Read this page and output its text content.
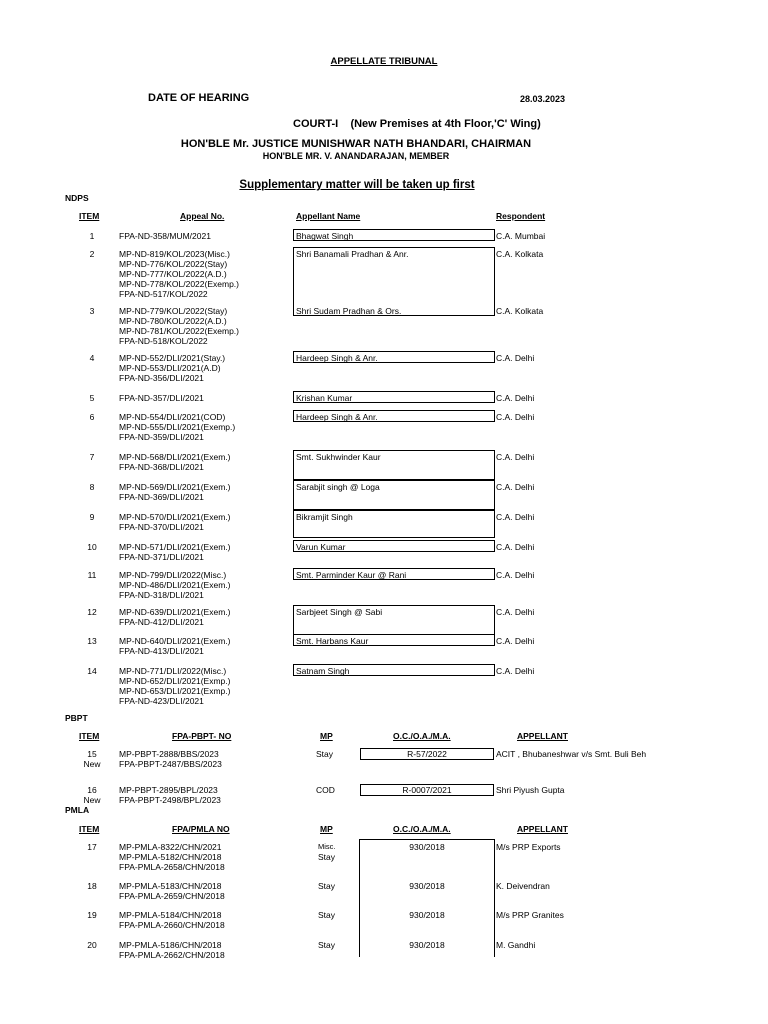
APPELLATE TRIBUNAL
DATE OF HEARING	28.03.2023
COURT-I    (New Premises at 4th Floor,'C' Wing)
HON'BLE Mr. JUSTICE MUNISHWAR NATH BHANDARI, CHAIRMAN
HON'BLE MR. V. ANANDARAJAN, MEMBER
Supplementary matter will be taken up first
NDPS
ITEM	Appeal No.	Appellant Name	Respondent
1	FPA-ND-358/MUM/2021	Bhagwat Singh	C.A. Mumbai
2	MP-ND-819/KOL/2023(Misc.)
MP-ND-776/KOL/2022(Stay)
MP-ND-777/KOL/2022(A.D.)
MP-ND-778/KOL/2022(Exemp.)
FPA-ND-517/KOL/2022
Shri Banamali Pradhan & Anr.	C.A. Kolkata
3	MP-ND-779/KOL/2022(Stay)
MP-ND-780/KOL/2022(A.D.)
MP-ND-781/KOL/2022(Exemp.)
FPA-ND-518/KOL/2022
Shri Sudam Pradhan & Ors.	C.A. Kolkata
4	MP-ND-552/DLI/2021(Stay.)
MP-ND-553/DLI/2021(A.D)
FPA-ND-356/DLI/2021
Hardeep Singh & Anr.	C.A. Delhi
5	FPA-ND-357/DLI/2021	Krishan Kumar	C.A. Delhi
6	MP-ND-554/DLI/2021(COD)
MP-ND-555/DLI/2021(Exemp.)
FPA-ND-359/DLI/2021
Hardeep Singh & Anr.	C.A. Delhi
7	MP-ND-568/DLI/2021(Exem.)
FPA-ND-368/DLI/2021
Smt. Sukhwinder Kaur	C.A. Delhi
8	MP-ND-569/DLI/2021(Exem.)
FPA-ND-369/DLI/2021
Sarabjit singh @ Loga	C.A. Delhi
9	MP-ND-570/DLI/2021(Exem.)
FPA-ND-370/DLI/2021
Bikramjit Singh	C.A. Delhi
10	MP-ND-571/DLI/2021(Exem.)
FPA-ND-371/DLI/2021
Varun Kumar	C.A. Delhi
11	MP-ND-799/DLI/2022(Misc.)
MP-ND-486/DLI/2021(Exem.)
FPA-ND-318/DLI/2021
Smt. Parminder Kaur @ Rani	C.A. Delhi
12	MP-ND-639/DLI/2021(Exem.)
FPA-ND-412/DLI/2021
Sarbjeet Singh @ Sabi	C.A. Delhi
13	MP-ND-640/DLI/2021(Exem.)
FPA-ND-413/DLI/2021
Smt. Harbans Kaur	C.A. Delhi
14	MP-ND-771/DLI/2022(Misc.)
MP-ND-652/DLI/2021(Exmp.)
MP-ND-653/DLI/2021(Exmp.)
FPA-ND-423/DLI/2021
Satnam Singh	C.A. Delhi
PBPT
ITEM	FPA-PBPT- NO	MP	O.C./O.A./M.A.	APPELLANT
15
New
MP-PBPT-2888/BBS/2023
FPA-PBPT-2487/BBS/2023
Stay	R-57/2022	ACIT , Bhubaneshwar v/s Smt. Buli Beh
16
New
MP-PBPT-2895/BPL/2023
FPA-PBPT-2498/BPL/2023
COD	R-0007/2021	Shri Piyush Gupta
PMLA
ITEM	FPA/PMLA NO	MP	O.C./O.A./M.A.	APPELLANT
17	MP-PMLA-8322/CHN/2021
MP-PMLA-5182/CHN/2018
FPA-PMLA-2658/CHN/2018
Misc.
Stay
930/2018	M/s PRP Exports
18	MP-PMLA-5183/CHN/2018
FPA-PMLA-2659/CHN/2018
Stay	930/2018	K. Deivendran
19	MP-PMLA-5184/CHN/2018
FPA-PMLA-2660/CHN/2018
Stay	930/2018	M/s PRP Granites
20	MP-PMLA-5186/CHN/2018
FPA-PMLA-2662/CHN/2018
Stay	930/2018	M. Gandhi
